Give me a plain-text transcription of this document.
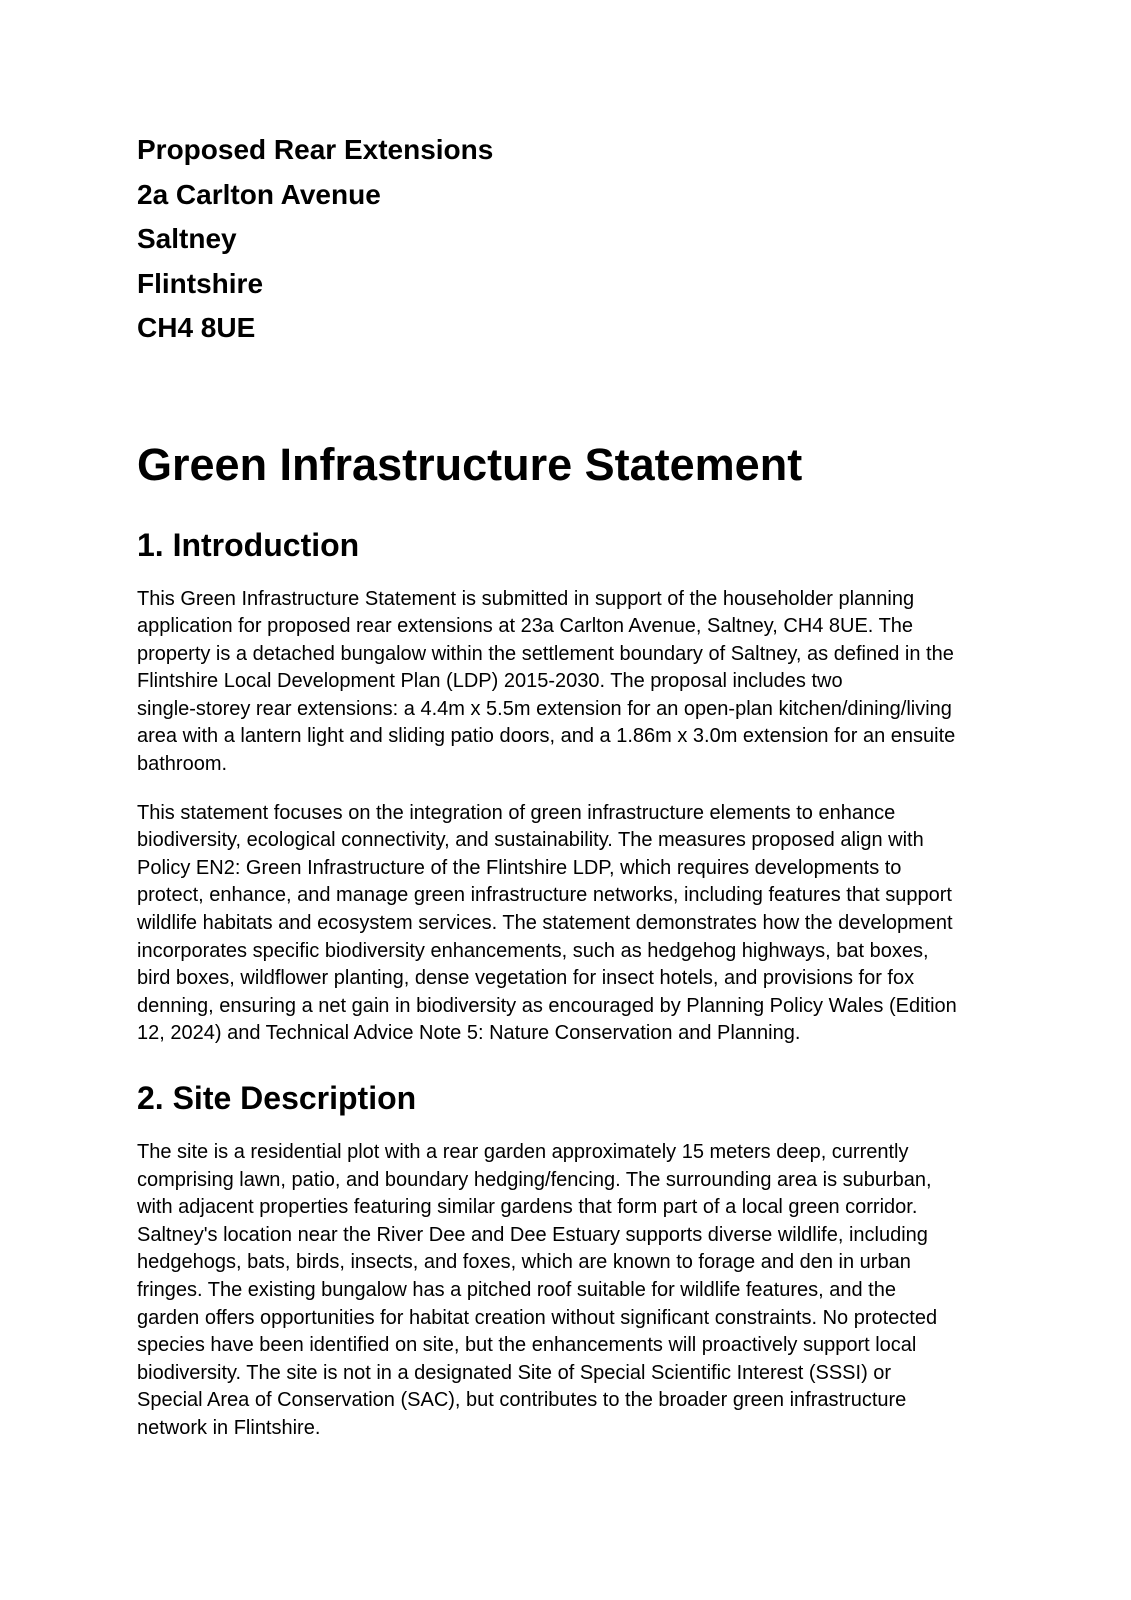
Proposed Rear Extensions
2a Carlton Avenue
Saltney
Flintshire
CH4 8UE
Green Infrastructure Statement
1. Introduction

This Green Infrastructure Statement is submitted in support of the householder planning
application for proposed rear extensions at 23a Carlton Avenue, Saltney, CH4 8UE. The
property is a detached bungalow within the settlement boundary of Saltney, as defined in the
Flintshire Local Development Plan (LDP) 2015-2030. The proposal includes two
single-storey rear extensions: a 4.4m x 5.5m extension for an open-plan kitchen/dining/living
area with a lantern light and sliding patio doors, and a 1.86m x 3.0m extension for an ensuite
bathroom.

This statement focuses on the integration of green infrastructure elements to enhance
biodiversity, ecological connectivity, and sustainability. The measures proposed align with
Policy EN2: Green Infrastructure of the Flintshire LDP, which requires developments to
protect, enhance, and manage green infrastructure networks, including features that support
wildlife habitats and ecosystem services. The statement demonstrates how the development
incorporates specific biodiversity enhancements, such as hedgehog highways, bat boxes,
bird boxes, wildflower planting, dense vegetation for insect hotels, and provisions for fox
denning, ensuring a net gain in biodiversity as encouraged by Planning Policy Wales (Edition
12, 2024) and Technical Advice Note 5: Nature Conservation and Planning.

2. Site Description

The site is a residential plot with a rear garden approximately 15 meters deep, currently
comprising lawn, patio, and boundary hedging/fencing. The surrounding area is suburban,
with adjacent properties featuring similar gardens that form part of a local green corridor.
Saltney's location near the River Dee and Dee Estuary supports diverse wildlife, including
hedgehogs, bats, birds, insects, and foxes, which are known to forage and den in urban
fringes. The existing bungalow has a pitched roof suitable for wildlife features, and the
garden offers opportunities for habitat creation without significant constraints. No protected
species have been identified on site, but the enhancements will proactively support local
biodiversity. The site is not in a designated Site of Special Scientific Interest (SSSI) or
Special Area of Conservation (SAC), but contributes to the broader green infrastructure
network in Flintshire.
